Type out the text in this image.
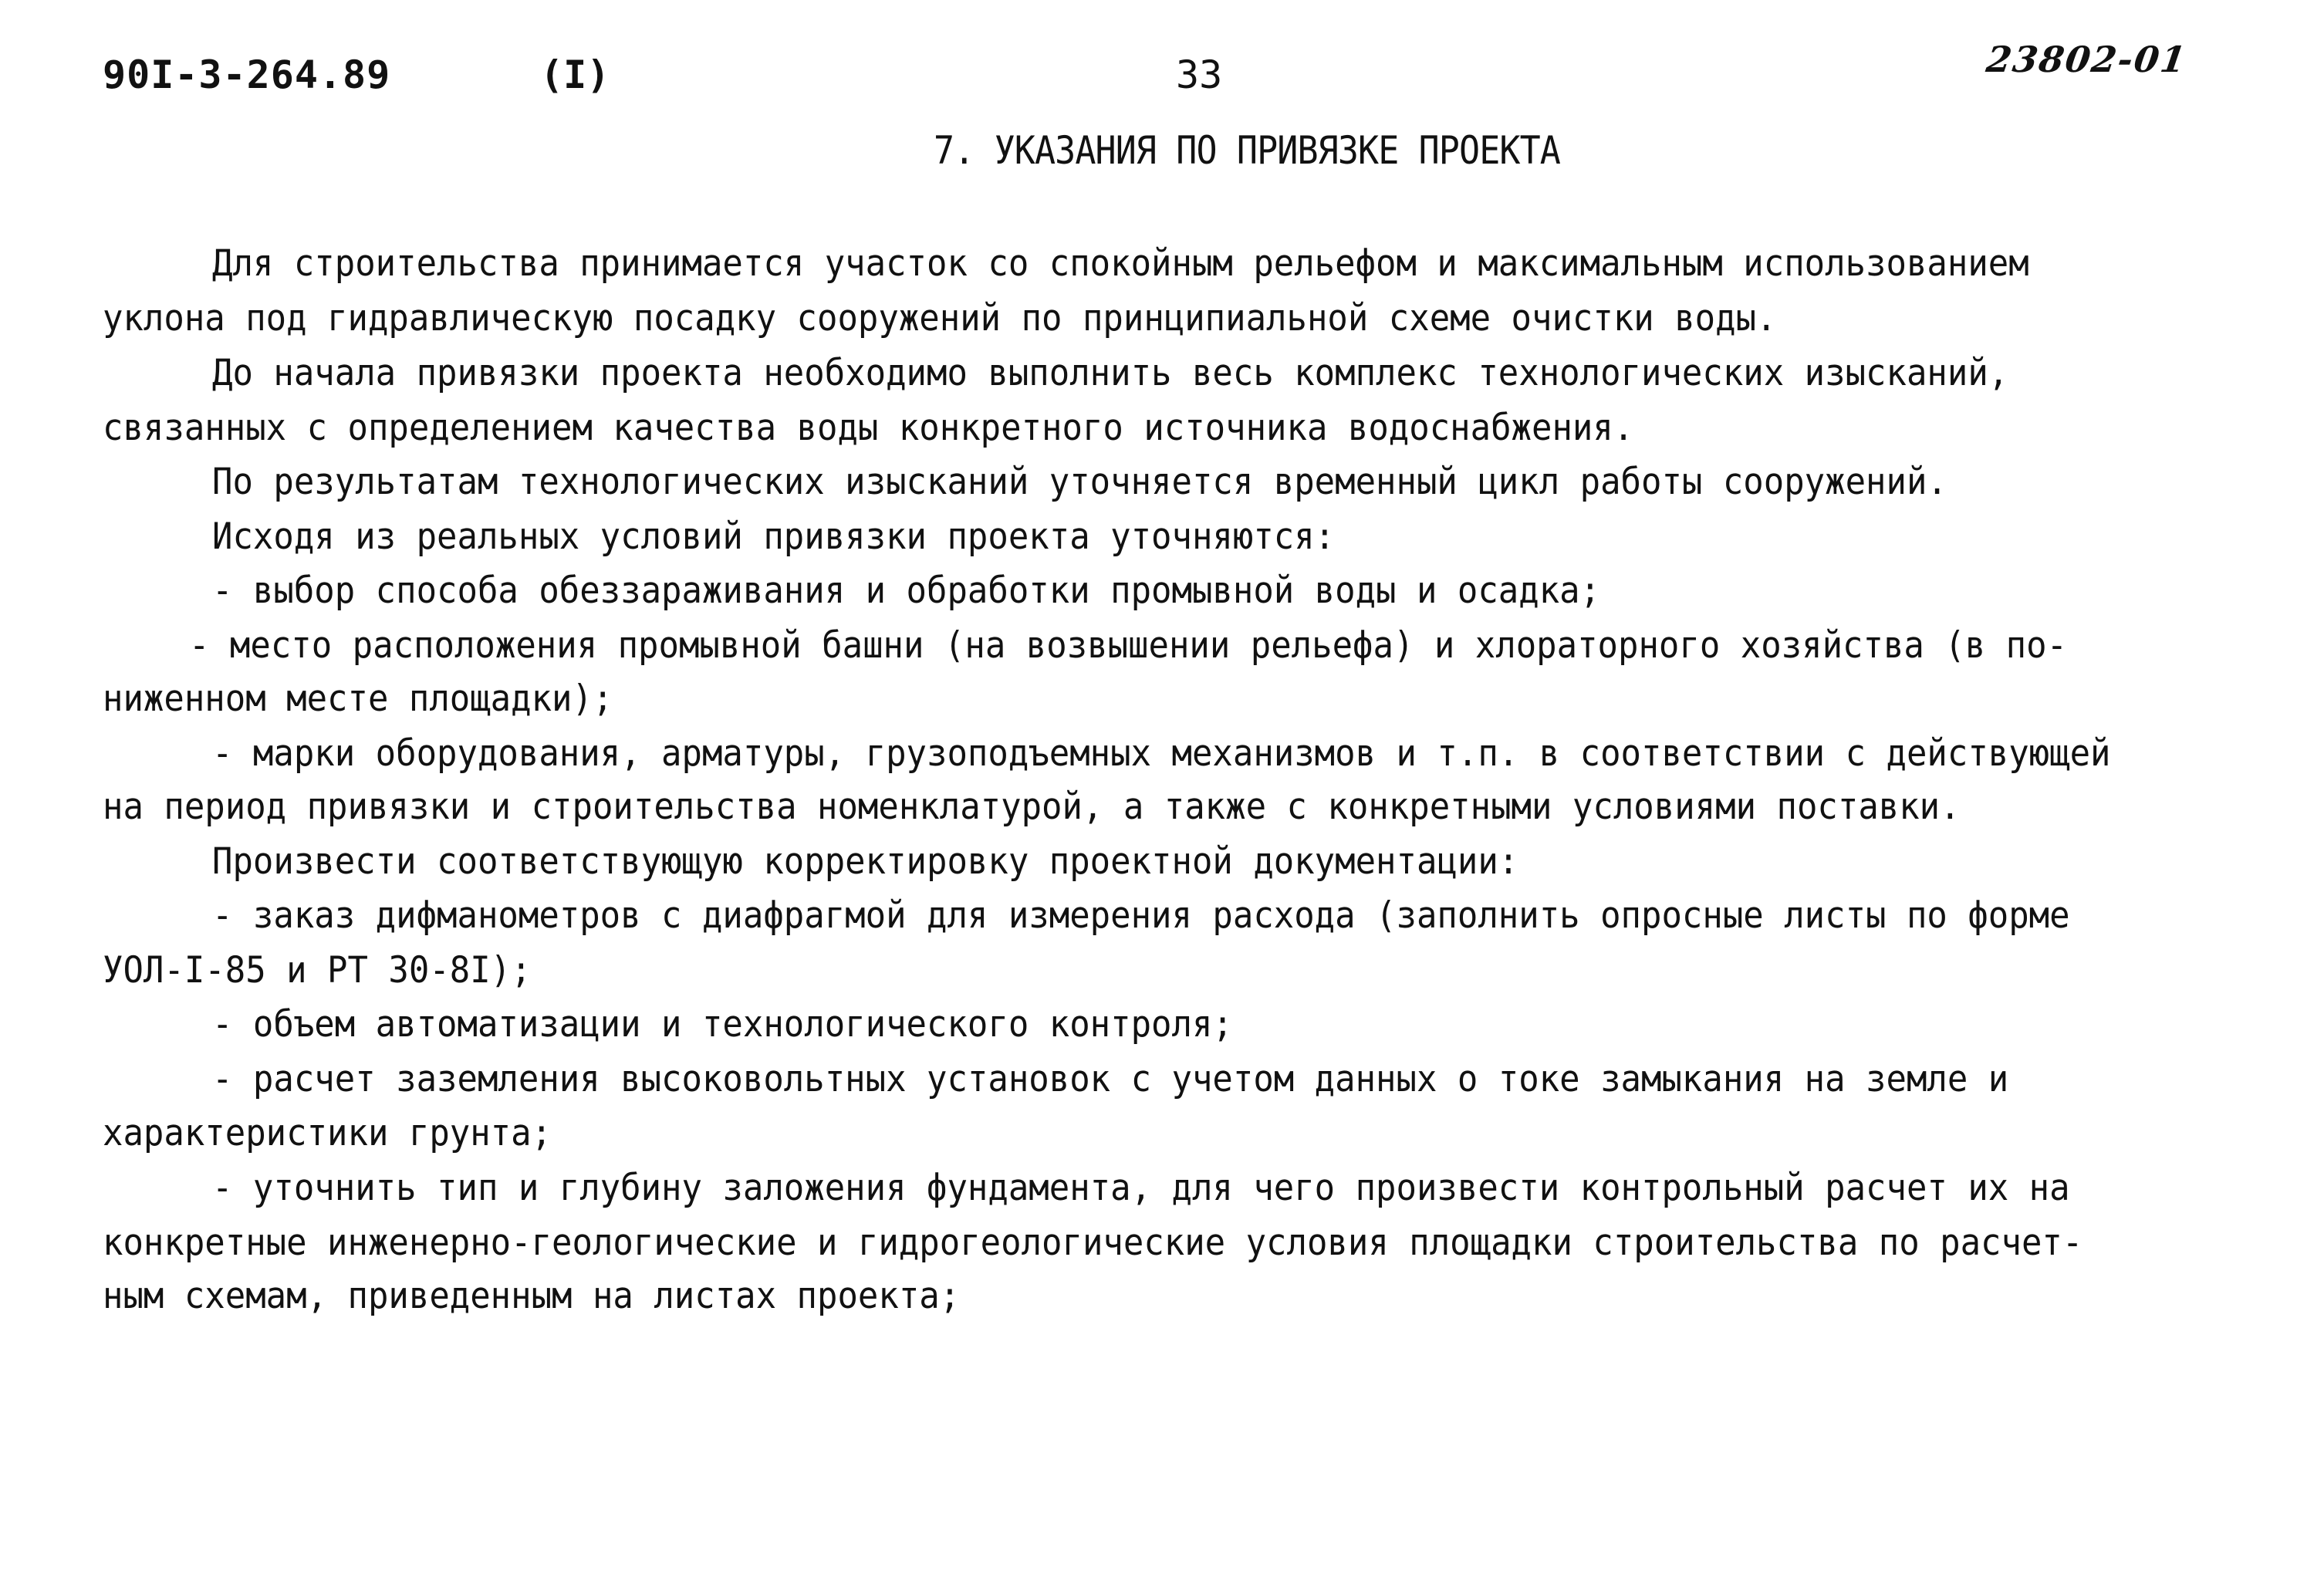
90I-3-264.89	(I)	33	23802-01
7. УКАЗАНИЯ ПО ПРИВЯЗКЕ ПРОЕКТА
Для строительства принимается участок со спокойным рельефом и максимальным использованием
уклона под гидравлическую посадку сооружений по принципиальной схеме очистки воды.
До начала привязки проекта необходимо выполнить весь комплекс технологических изысканий,
связанных с определением качества воды конкретного источника водоснабжения.
По результатам технологических изысканий уточняется временный цикл работы сооружений.
Исходя из реальных условий привязки проекта уточняются:
- выбор способа обеззараживания и обработки промывной воды и осадка;
- место расположения промывной башни (на возвышении рельефа) и хлораторного хозяйства (в по-
ниженном месте площадки);
- марки оборудования, арматуры, грузоподъемных механизмов и т.п. в соответствии с действующей
на период привязки и строительства номенклатурой, а также с конкретными условиями поставки.
Произвести соответствующую корректировку проектной документации:
- заказ дифманометров с диафрагмой для измерения расхода (заполнить опросные листы по форме
УОЛ-I-85 и РТ 30-8I);
- объем автоматизации и технологического контроля;
- расчет заземления высоковольтных установок с учетом данных о токе замыкания на земле и
характеристики грунта;
- уточнить тип и глубину заложения фундамента, для чего произвести контрольный расчет их на
конкретные инженерно-геологические и гидрогеологические условия площадки строительства по расчет-
ным схемам, приведенным на листах проекта;
